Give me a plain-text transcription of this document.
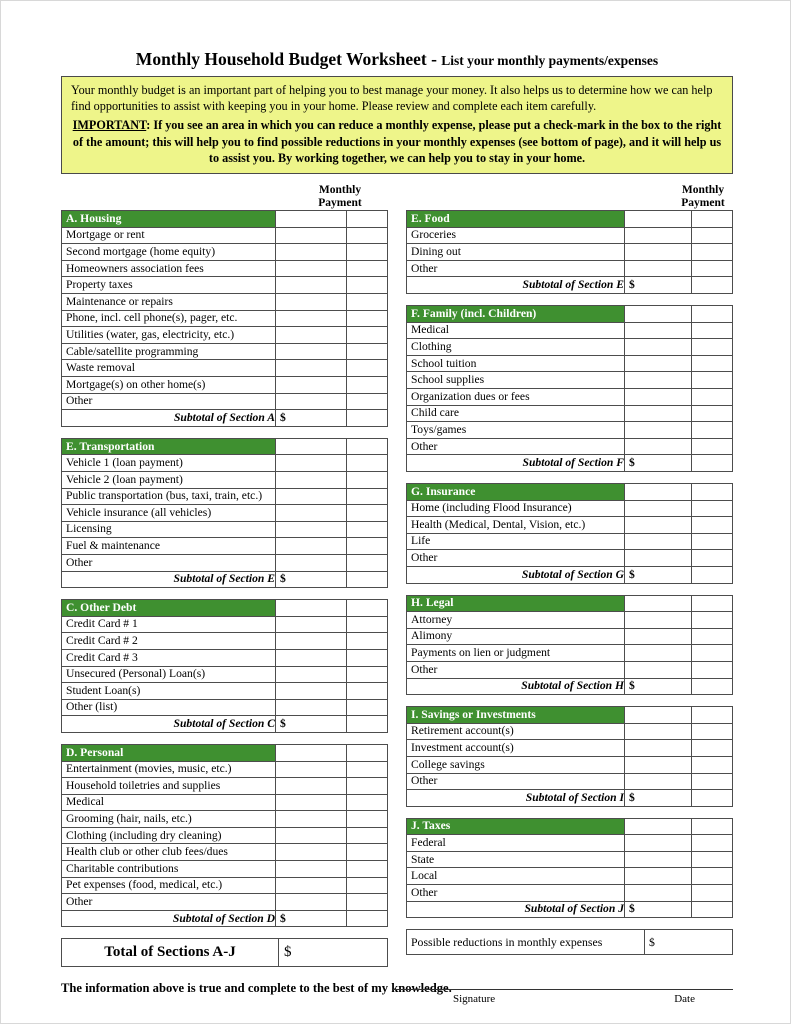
Monthly Household Budget Worksheet - List your monthly payments/expenses

Your monthly budget is an important part of helping you to best manage your money. It also helps us to determine how we can help find opportunities to assist with keeping you in your home. Please review and complete each item carefully.

IMPORTANT: If you see an area in which you can reduce a monthly expense, please put a check-mark in the box to the right of the amount; this will help you to find possible reductions in your monthly expenses (see bottom of page), and it will help us to assist you. By working together, we can help you to stay in your home.

Monthly
Payment
A. Housing		
Mortgage or rent		
Second mortgage (home equity)		
Homeowners association fees		
Property taxes		
Maintenance or repairs		
Phone, incl. cell phone(s), pager, etc.		
Utilities (water, gas, electricity, etc.)		
Cable/satellite programming		
Waste removal		
Mortgage(s) on other home(s)		
Other		
Subtotal of Section A	$	
E. Transportation		
Vehicle 1 (loan payment)		
Vehicle 2 (loan payment)		
Public transportation (bus, taxi, train, etc.)		
Vehicle insurance (all vehicles)		
Licensing		
Fuel & maintenance		
Other		
Subtotal of Section E	$	
C. Other Debt		
Credit Card # 1		
Credit Card # 2		
Credit Card # 3		
Unsecured (Personal) Loan(s)		
Student Loan(s)		
Other (list)		
Subtotal of Section C	$	
D. Personal		
Entertainment (movies, music, etc.)		
Household toiletries and supplies		
Medical		
Grooming (hair, nails, etc.)		
Clothing (including dry cleaning)		
Health club or other club fees/dues		
Charitable contributions		
Pet expenses (food, medical, etc.)		
Other		
Subtotal of Section D	$	
Total of Sections A-J	$
Monthly
Payment
E. Food		
Groceries		
Dining out		
Other		
Subtotal of Section E	$	
F. Family (incl. Children)		
Medical		
Clothing		
School tuition		
School supplies		
Organization dues or fees		
Child care		
Toys/games		
Other		
Subtotal of Section F	$	
G. Insurance		
Home (including Flood Insurance)		
Health (Medical, Dental, Vision, etc.)		
Life		
Other		
Subtotal of Section G	$	
H. Legal		
Attorney		
Alimony		
Payments on lien or judgment		
Other		
Subtotal of Section H	$	
I. Savings or Investments		
Retirement account(s)		
Investment account(s)		
College savings		
Other		
Subtotal of Section I	$	
J. Taxes		
Federal		
State		
Local		
Other		
Subtotal of Section J	$	
Possible reductions in monthly expenses	$
The information above is true and complete to the best of my knowledge.
Signature	Date
